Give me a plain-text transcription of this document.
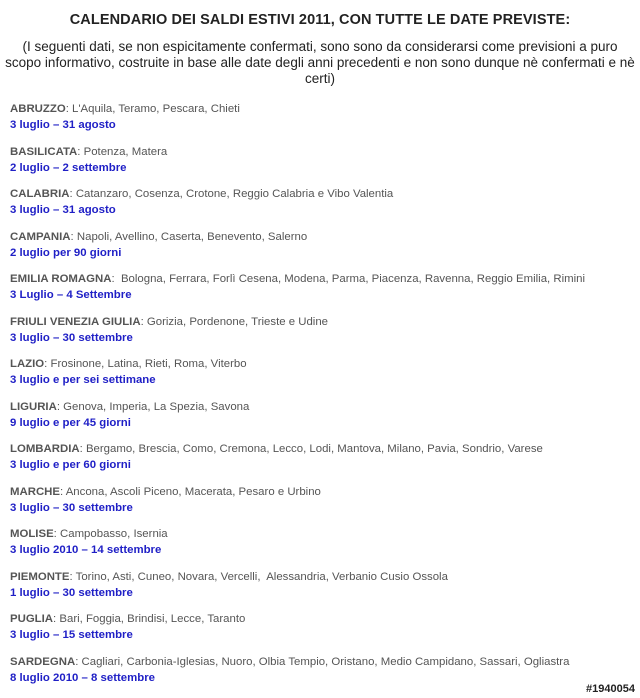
CALENDARIO DEI SALDI ESTIVI 2011, CON TUTTE LE DATE PREVISTE:
(I seguenti dati, se non espicitamente confermati, sono sono da considerarsi come previsioni a puro scopo informativo, costruite in base alle date degli anni precedenti e non sono dunque nè confermati e nè certi)
ABRUZZO: L'Aquila, Teramo, Pescara, Chieti
3 luglio – 31 agosto
BASILICATA: Potenza, Matera
2 luglio – 2 settembre
CALABRIA: Catanzaro, Cosenza, Crotone, Reggio Calabria e Vibo Valentia
3 luglio – 31 agosto
CAMPANIA: Napoli, Avellino, Caserta, Benevento, Salerno
2 luglio per 90 giorni
EMILIA ROMAGNA:  Bologna, Ferrara, Forlì Cesena, Modena, Parma, Piacenza, Ravenna, Reggio Emilia, Rimini
3 Luglio – 4 Settembre
FRIULI VENEZIA GIULIA: Gorizia, Pordenone, Trieste e Udine
3 luglio – 30 settembre
LAZIO: Frosinone, Latina, Rieti, Roma, Viterbo
3 luglio e per sei settimane
LIGURIA: Genova, Imperia, La Spezia, Savona
9 luglio e per 45 giorni
LOMBARDIA: Bergamo, Brescia, Como, Cremona, Lecco, Lodi, Mantova, Milano, Pavia, Sondrio, Varese
3 luglio e per 60 giorni
MARCHE: Ancona, Ascoli Piceno, Macerata, Pesaro e Urbino
3 luglio – 30 settembre
MOLISE: Campobasso, Isernia
3 luglio 2010 – 14 settembre
PIEMONTE: Torino, Asti, Cuneo, Novara, Vercelli,  Alessandria, Verbanio Cusio Ossola
1 luglio – 30 settembre
PUGLIA: Bari, Foggia, Brindisi, Lecce, Taranto
3 luglio – 15 settembre
SARDEGNA: Cagliari, Carbonia-Iglesias, Nuoro, Olbia Tempio, Oristano, Medio Campidano, Sassari, Ogliastra
8 luglio 2010 – 8 settembre
#1940054
